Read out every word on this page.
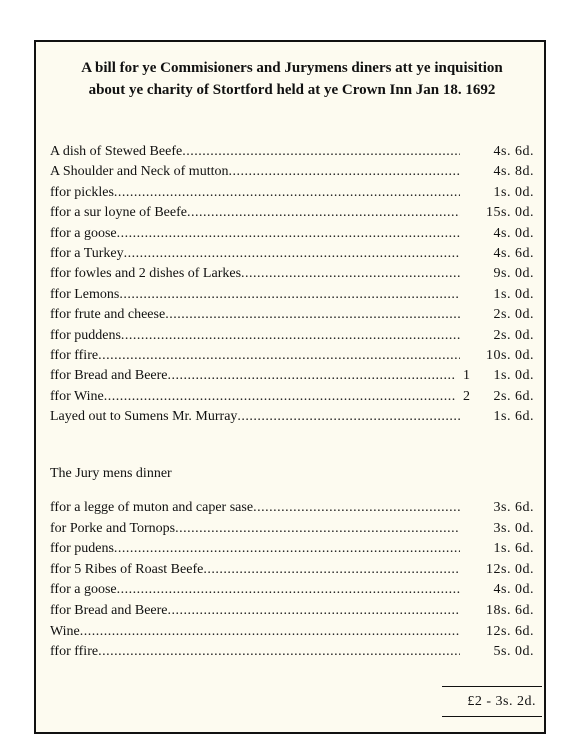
A bill for ye Commisioners and Jurymens diners att ye inquisition about ye charity of Stortford held at ye Crown Inn Jan 18. 1692
A dish of Stewed Beefe .....	4s. 6d.
A Shoulder and Neck of mutton .....	4s. 8d.
ffor pickles .....	1s. 0d.
ffor a sur loyne of Beefe .....	15s. 0d.
ffor a goose .....	4s. 0d.
ffor a Turkey .....	4s. 6d.
ffor fowles and 2 dishes of Larkes .....	9s. 0d.
ffor Lemons .....	1s. 0d.
ffor frute and cheese .....	2s. 0d.
ffor puddens .....	2s. 0d.
ffor ffire .....	10s. 0d.
ffor Bread and Beere .....	1	1s. 0d.
ffor Wine .....	2	2s. 6d.
Layed out to Sumens Mr. Murray .....	1s. 6d.
The Jury mens dinner
ffor a legge of muton and caper sase .....	3s. 6d.
for Porke and Tornops .....	3s. 0d.
ffor pudens .....	1s. 6d.
ffor 5 Ribes of Roast Beefe .....	12s. 0d.
ffor a goose .....	4s. 0d.
ffor Bread and Beere .....	18s. 6d.
Wine .....	12s. 6d.
ffor ffire .....	5s. 0d.
£2 - 3s. 2d.
